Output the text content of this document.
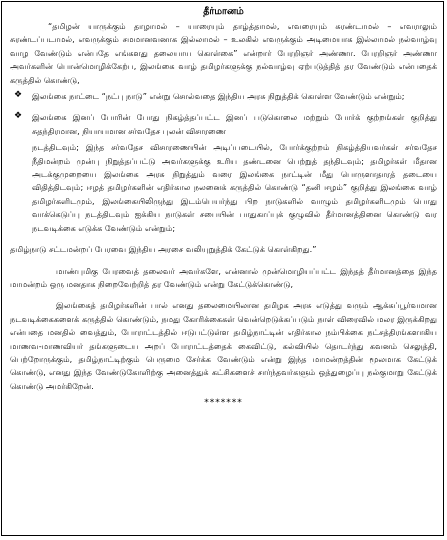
தீர்மானம்

“தமிழன் யாருக்கும் தாழாமல் – யாரையும் தாழ்த்தாமல், எவரையும் சுரண்டாமல் – எவராலும் சுரண்டப்படாமல், எவருக்கும் சமமானவனாக இல்லாமல் – உலகில் எவருக்கும் அடிமையாக இல்லாமல் நல்வாழ்வு வாழ வேண்டும் என்பதே எங்களது தலையாய கொள்கை” என்றார் பேரறிஞர் அண்ணா. பேரறிஞர் அண்ணா அவர்களின் பொன்மொழிக்கேற்ப, இலங்கை வாழ் தமிழர்களுக்கு நல்வாழ்வு ஏற்படுத்தித் தர வேண்டும் என்பதைக் கருத்தில் கொண்டு,

❖ இலங்கை நாட்டை “நட்பு நாடு” என்று சொல்வதை இந்திய அரசு நிறுத்திக் கொள்ள வேண்டும் என்றும்;

❖ இலங்கை இனப் போரின் போது நிகழ்த்தப்பட்ட இனப் படுகொலை மற்றும் போர்க் குற்றங்கள் குறித்து சுதந்திரமான, நியாயமான சர்வதேச புலன் விசாரணை

நடத்திடவும்; இந்த சர்வதேச விசாரணையின் அடிப்படையில், போர்க்குற்றம் நிகழ்த்தியவர்கள் சர்வதேச நீதிமன்றம் முன்பு நிறுத்தப்பட்டு அவர்களுக்கு உரிய தண்டனை பெற்றுத் தந்திடவும்; தமிழர்கள் மீதான அடக்குமுறையை இலங்கை அரசு நிறுத்தும் வரை இலங்கை நாட்டின் மீது பொருளாதாரத் தடையை விதித்திடவும்; ஈழத் தமிழர்களின் எதிர்கால நலனைக் கருத்தில் கொண்டு “தனி ஈழம்” குறித்து இலங்கை வாழ் தமிழர்களிடமும், இலங்கையிலிருந்து இடம்பெயர்ந்து பிற நாடுகளில் வாழும் தமிழர்களிடமும் பொது வாக்கெடுப்பு நடத்திடவும் ஐக்கிய நாடுகள் சபையின் பாதுகாப்புக் குழுவில் தீர்மானத்தினை கொண்டு வர நடவடிக்கை எடுக்க வேண்டும் என்றும்;

தமிழ்நாடு சட்டமன்றப் பேரவை இந்திய அரசை வலியுறுத்திக் கேட்டுக் கொள்கிறது.”

மாண்புமிகு பேரவைத் தலைவர் அவர்களே, என்னால் முன்மொழியப்பட்ட இந்தத் தீர்மானத்தை இந்த மாமன்றம் ஒரு மனதாக நிறைவேற்றித் தர வேண்டும் என்று கேட்டுக்கொண்டு,

இலங்கைத் தமிழர்களின் பால் எனது தலைமையிலான தமிழக அரசு எடுத்து வரும் ஆக்கப்பூர்வமான நடவடிக்கைகளைக் கருத்தில் கொண்டும், நமது கோரிக்கைகள் வென்றெடுக்கப்படும் நாள் விரைவில் மலர இருக்கிறது என்பதை மனதில் வைத்தும், போராட்டத்தில் ஈடுபட்டுள்ள தமிழ்நாட்டின் எதிர்கால நம்பிக்கை நட்சத்திரங்களாகிய மாணவ-மாணவியர் தங்களுடைய அறப் போராட்டத்தைக் கைவிட்டு, கல்வியில் தொடர்ந்து கவனம் செலுத்தி, பெற்றோருக்கும், தமிழ்நாட்டிற்கும் பெருமை சேர்க்க வேண்டும் என்று இந்த மாமன்றத்தின் மூலமாக கேட்டுக் கொண்டு, எனது இந்த வேண்டுகோளிற்கு அனைத்துக் கட்சிகளைச் சார்ந்தவர்களும் ஒத்துழைப்பு நல்குமாறு கேட்டுக் கொண்டு அமர்கிறேன்.

*******
